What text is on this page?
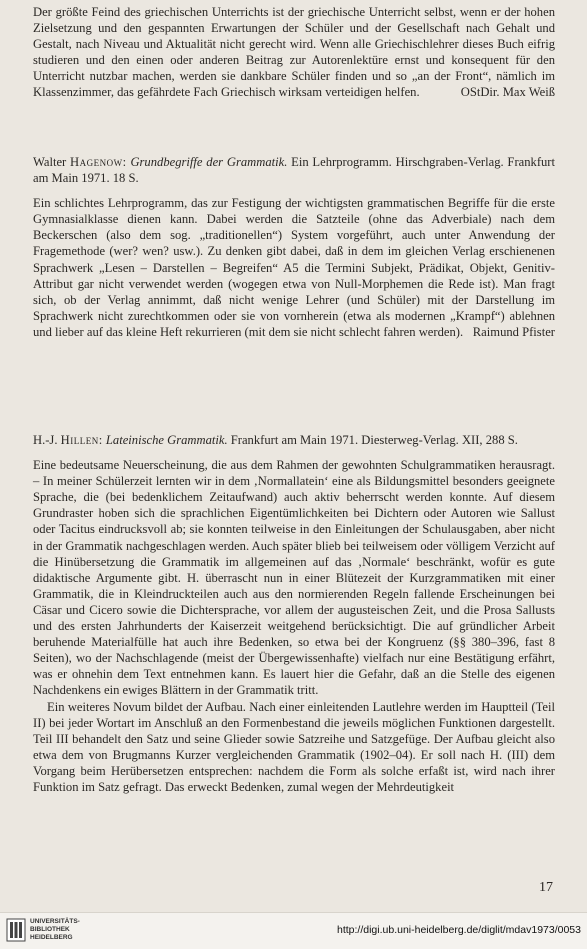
Der größte Feind des griechischen Unterrichts ist der griechische Unterricht selbst, wenn er der hohen Zielsetzung und den gespannten Erwartungen der Schüler und der Gesellschaft nach Gehalt und Gestalt, nach Niveau und Aktualität nicht gerecht wird. Wenn alle Griechischlehrer dieses Buch eifrig studieren und den einen oder anderen Beitrag zur Autorenlektüre ernst und konsequent für den Unterricht nutzbar machen, werden sie dankbare Schüler finden und so „an der Front“, nämlich im Klassenzimmer, das gefährdete Fach Griechisch wirksam verteidigen helfen.	OStDir. Max Weiß

Walter Hagenow: Grundbegriffe der Grammatik. Ein Lehrprogramm. Hirschgraben-Verlag. Frankfurt am Main 1971. 18 S.

Ein schlichtes Lehrprogramm, das zur Festigung der wichtigsten grammatischen Begriffe für die erste Gymnasialklasse dienen kann. Dabei werden die Satzteile (ohne das Adverbiale) nach dem Beckerschen (also dem sog. „traditionellen“) System vorgeführt, auch unter Anwendung der Fragemethode (wer? wen? usw.). Zu denken gibt dabei, daß in dem im gleichen Verlag erschienenen Sprachwerk „Lesen – Darstellen – Begreifen“ A5 die Termini Subjekt, Prädikat, Objekt, Genitiv-Attribut gar nicht verwendet werden (wogegen etwa von Null-Morphemen die Rede ist). Man fragt sich, ob der Verlag annimmt, daß nicht wenige Lehrer (und Schüler) mit der Darstellung im Sprachwerk nicht zurechtkommen oder sie von vornherein (etwa als modernen „Krampf“) ablehnen und lieber auf das kleine Heft rekurrieren (mit dem sie nicht schlecht fahren werden). Raimund Pfister

H.-J. Hillen: Lateinische Grammatik. Frankfurt am Main 1971. Diesterweg-Verlag. XII, 288 S.

Eine bedeutsame Neuerscheinung, die aus dem Rahmen der gewohnten Schulgrammatiken herausragt. – In meiner Schülerzeit lernten wir in dem ‚Normallatein‘ eine als Bildungsmittel besonders geeignete Sprache, die (bei bedenklichem Zeitaufwand) auch aktiv beherrscht werden konnte. Auf diesem Grundraster hoben sich die sprachlichen Eigentümlichkeiten bei Dichtern oder Autoren wie Sallust oder Tacitus eindrucksvoll ab; sie konnten teilweise in den Einleitungen der Schulausgaben, aber nicht in der Grammatik nachgeschlagen werden. Auch später blieb bei teilweisem oder völligem Verzicht auf die Hinübersetzung die Grammatik im allgemeinen auf das ‚Normale‘ beschränkt, wofür es gute didaktische Argumente gibt. H. überrascht nun in einer Blütezeit der Kurzgrammatiken mit einer Grammatik, die in Kleindruckteilen auch aus den normierenden Regeln fallende Erscheinungen bei Cäsar und Cicero sowie die Dichtersprache, vor allem der augusteischen Zeit, und die Prosa Sallusts und des ersten Jahrhunderts der Kaiserzeit weitgehend berücksichtigt. Die auf gründlicher Arbeit beruhende Materialfülle hat auch ihre Bedenken, so etwa bei der Kongruenz (§§ 380–396, fast 8 Seiten), wo der Nachschlagende (meist der Übergewissenhafte) vielfach nur eine Bestätigung erfährt, was er ohnehin dem Text entnehmen kann. Es lauert hier die Gefahr, daß an die Stelle des eigenen Nachdenkens ein ewiges Blättern in der Grammatik tritt.

Ein weiteres Novum bildet der Aufbau. Nach einer einleitenden Lautlehre werden im Hauptteil (Teil II) bei jeder Wortart im Anschluß an den Formenbestand die jeweils möglichen Funktionen dargestellt. Teil III behandelt den Satz und seine Glieder sowie Satzreihe und Satzgefüge. Der Aufbau gleicht also etwa dem von Brugmanns Kurzer vergleichenden Grammatik (1902–04). Er soll nach H. (III) dem Vorgang beim Herübersetzen entsprechen: nachdem die Form als solche erfaßt ist, wird nach ihrer Funktion im Satz gefragt. Das erweckt Bedenken, zumal wegen der Mehrdeutigkeit

17
UNIVERSITÄTS-
BIBLIOTHEK
HEIDELBERG
http://digi.ub.uni-heidelberg.de/diglit/mdav1973/0053
